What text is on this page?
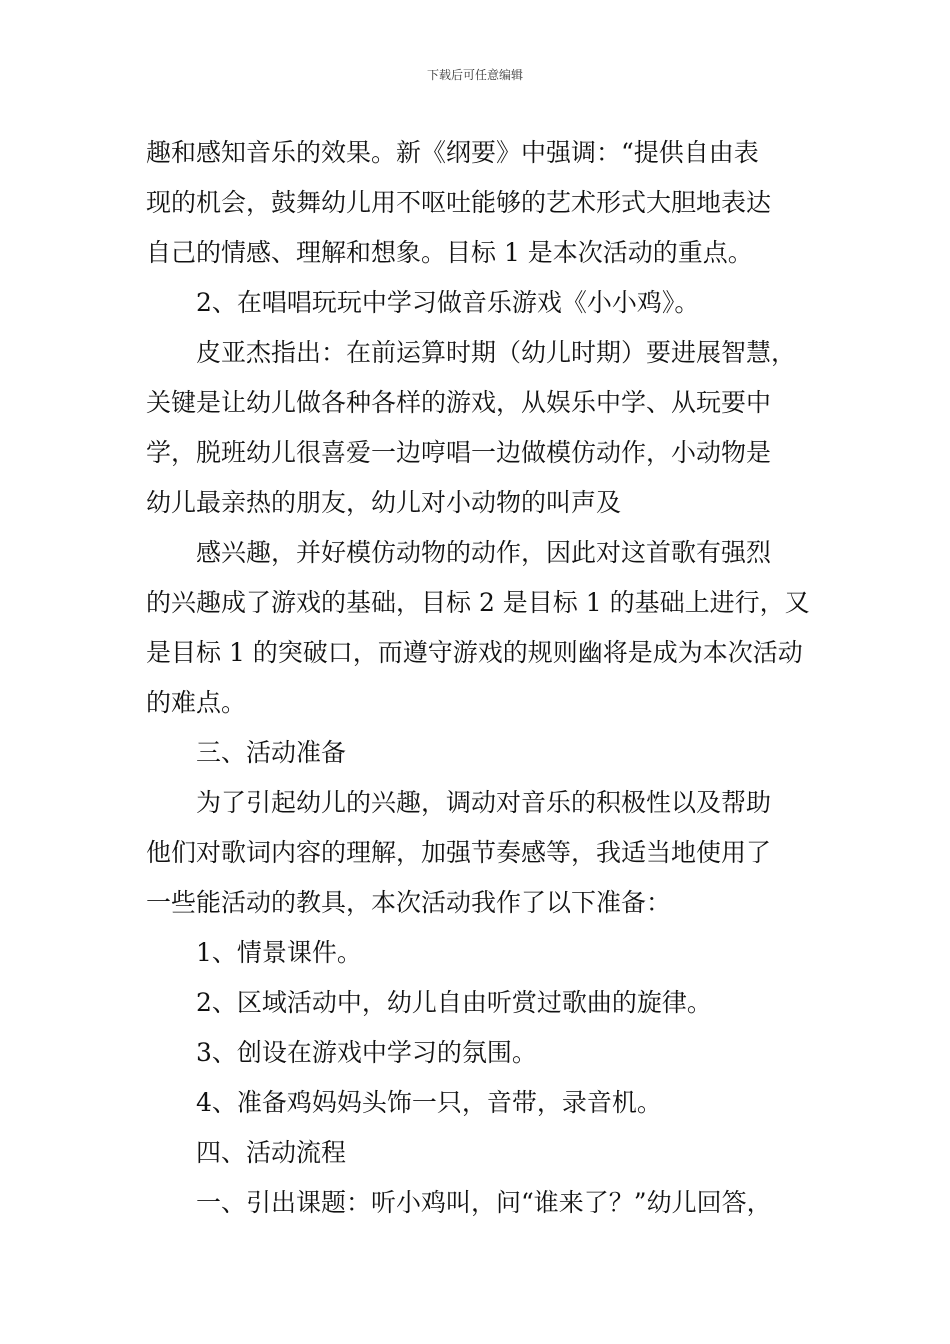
下载后可任意编辑
趣和感知音乐的效果。新《纲要》中强调：“提供自由表
现的机会，鼓舞幼儿用不呕吐能够的艺术形式大胆地表达
自己的情感、理解和想象。目标 1 是本次活动的重点。
2、在唱唱玩玩中学习做音乐游戏《小小鸡》。
皮亚杰指出：在前运算时期（幼儿时期）要进展智慧，
关键是让幼儿做各种各样的游戏，从娱乐中学、从玩要中
学，脱班幼儿很喜爱一边哼唱一边做模仿动作，小动物是
幼儿最亲热的朋友，幼儿对小动物的叫声及
感兴趣，并好模仿动物的动作，因此对这首歌有强烈
的兴趣成了游戏的基础，目标 2 是目标 1 的基础上进行，又
是目标 1 的突破口，而遵守游戏的规则幽将是成为本次活动
的难点。
三、活动准备
为了引起幼儿的兴趣，调动对音乐的积极性以及帮助
他们对歌词内容的理解，加强节奏感等，我适当地使用了
一些能活动的教具，本次活动我作了以下准备：
1、情景课件。
2、区域活动中，幼儿自由听赏过歌曲的旋律。
3、创设在游戏中学习的氛围。
4、准备鸡妈妈头饰一只，音带，录音机。
四、活动流程
一、引出课题：听小鸡叫，问“谁来了？”幼儿回答，
